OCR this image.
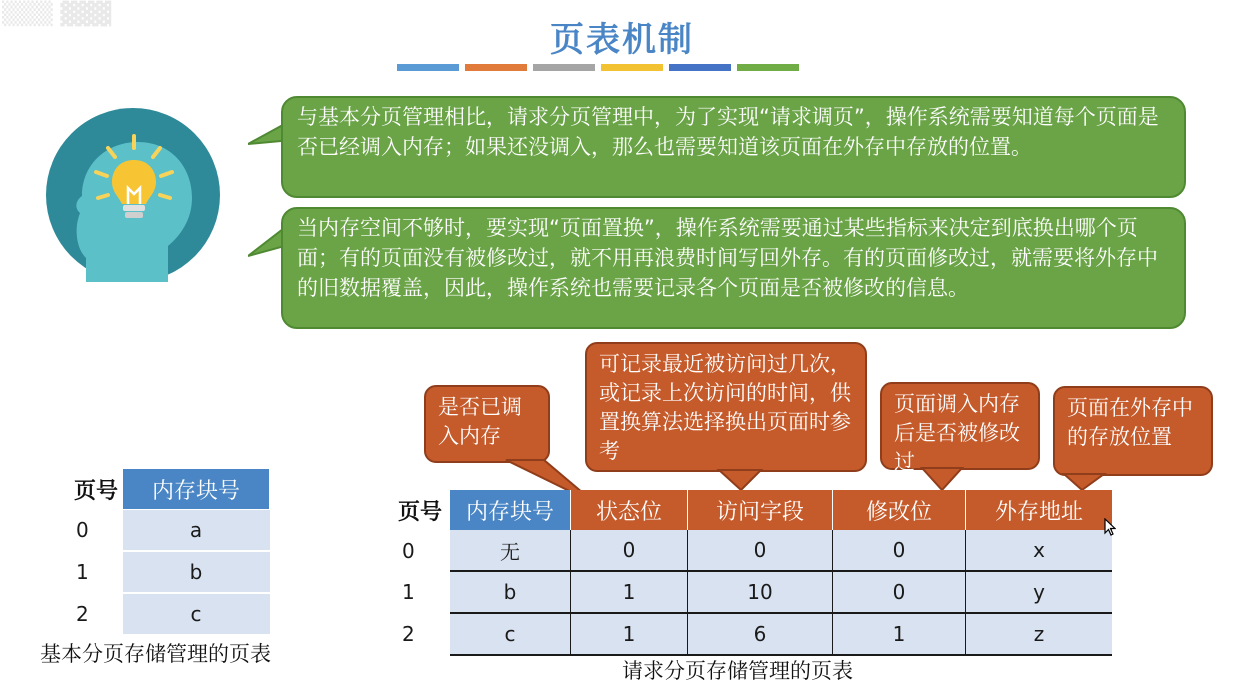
▒▒▒ ▓▓▓
页表机制
与基本分页管理相比，请求分页管理中，为了实现“请求调页”，操作系统需要知道每个页面是否已经调入内存；如果还没调入，那么也需要知道该页面在外存中存放的位置。
当内存空间不够时，要实现“页面置换”，操作系统需要通过某些指标来决定到底换出哪个页面；有的页面没有被修改过，就不用再浪费时间写回外存。有的页面修改过，就需要将外存中的旧数据覆盖，因此，操作系统也需要记录各个页面是否被修改的信息。
是否已调入内存
可记录最近被访问过几次，或记录上次访问的时间，供置换算法选择换出页面时参考
页面调入内存后是否被修改过
页面在外存中的存放位置
页号	内存块号
0	a
1	b
2	c
基本分页存储管理的页表
页号	内存块号	状态位	访问字段	修改位	外存地址
0	无	0	0	0	x
1	b	1	10	0	y
2	c	1	6	1	z
请求分页存储管理的页表
